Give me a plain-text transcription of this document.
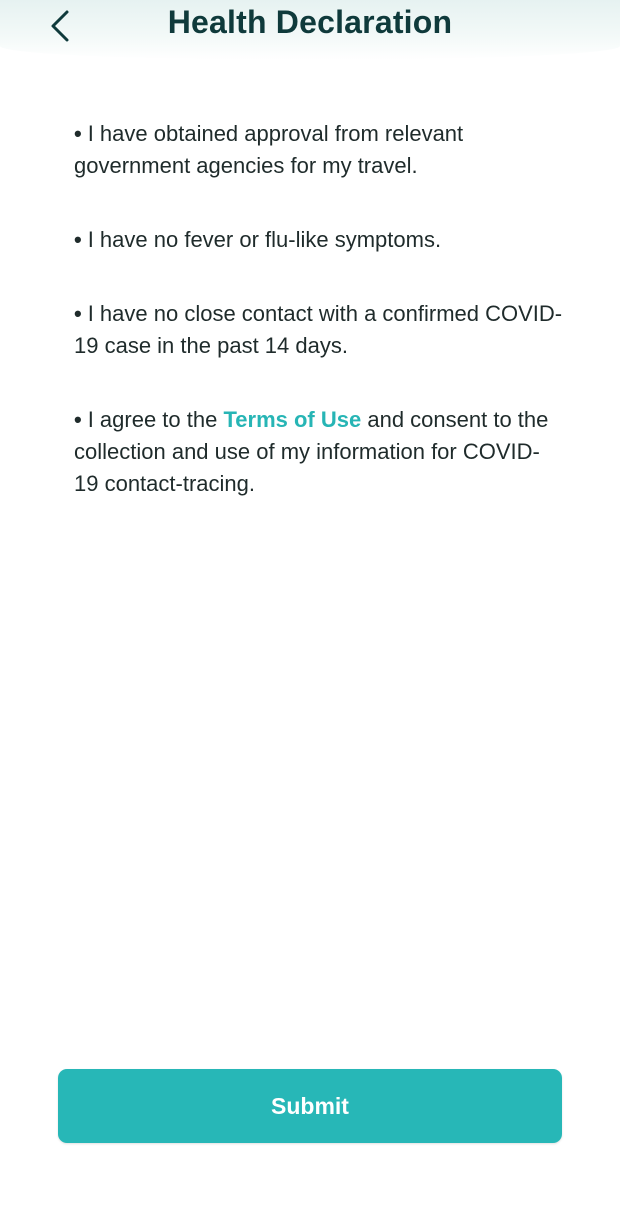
Health Declaration

• I have obtained approval from relevant government agencies for my travel.

• I have no fever or flu-like symptoms.

• I have no close contact with a confirmed COVID-19 case in the past 14 days.

• I agree to the Terms of Use and consent to the collection and use of my information for COVID-19 contact-tracing.

Submit
